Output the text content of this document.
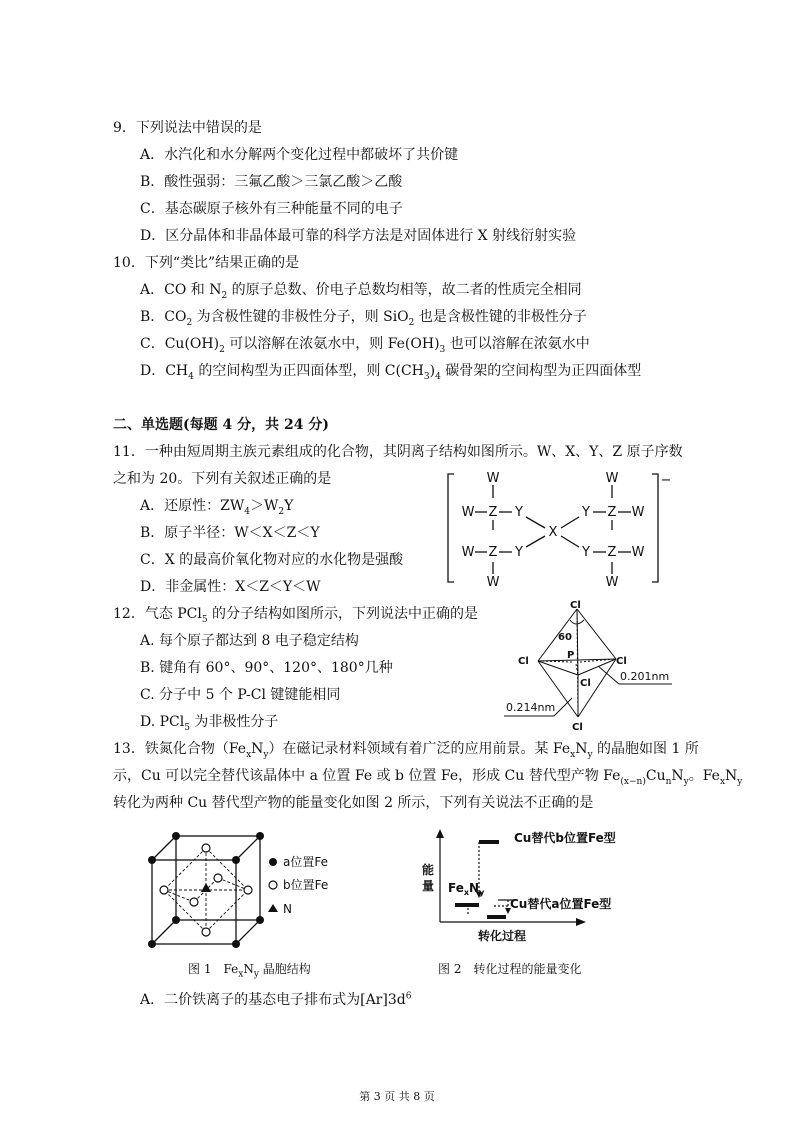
9．下列说法中错误的是
A．水汽化和水分解两个变化过程中都破坏了共价键
B．酸性强弱：三氟乙酸＞三氯乙酸＞乙酸
C．基态碳原子核外有三种能量不同的电子
D．区分晶体和非晶体最可靠的科学方法是对固体进行 X 射线衍射实验
10．下列“类比”结果正确的是
A．CO 和 $N_2$ 的原子总数、价电子总数均相等，故二者的性质完全相同
B．$CO_2$ 为含极性键的非极性分子，则 SiO$_2$ 也是含极性键的非极性分子
C．$Cu(OH)_2$ 可以溶解在浓氨水中，则 $Fe(OH)_3$ 也可以溶解在浓氨水中
D．$CH_4$ 的空间构型为正四面体型，则 $C(CH_3)_4$ 碳骨架的空间构型为正四面体型
二、单选题(每题 4 分，共 24 分)
11．一种由短周期主族元素组成的化合物，其阴离子结构如图所示。W、X、Y、Z 原子序数
之和为 20。下列有关叙述正确的是
A．还原性：$ZW_4>W_2Y$
B．原子半径：W＜X＜Z＜Y
C．X 的最高价氧化物对应的水化物是强酸
D．非金属性：X＜Z＜Y＜W
W
W Z Y
W Z Y
W
X
W
Y Z W
Y Z W
W
−
12．气态 PCl$_5$ 的分子结构如图所示，下列说法中正确的是
A. 每个原子都达到 8 电子稳定结构
B. 键角有 60°、90°、120°、180°几种
C. 分子中 5 个 P-Cl 键键能相同
D. PCl$_5$ 为非极性分子
Cl
60
P
Cl	Cl
Cl
Cl
0.201nm
0.214nm
13．铁氮化合物$(Fe_xN_y)$在磁记录材料领域有着广泛的应用前景。某 $Fe_xN_y$ 的晶胞如图 1 所
示，Cu 可以完全替代该晶体中 a 位置 Fe 或 b 位置 Fe，形成 Cu 替代型产物 $Fe_{(x-n)}Cu_nN_y$。$Fe_xN_y$
转化为两种 Cu 替代型产物的能量变化如图 2 所示，下列有关说法不正确的是
a位置Fe
b位置Fe
N
能
量 $Fe_xN_y$
Cu替代b位置Fe型
Cu替代a位置Fe型
转化过程
图 1　$Fe_xN_y$ 晶胞结构	图 2　转化过程的能量变化
A．二价铁离子的基态电子排布式为$[Ar]3d^6$
第 3 页 共 8 页
